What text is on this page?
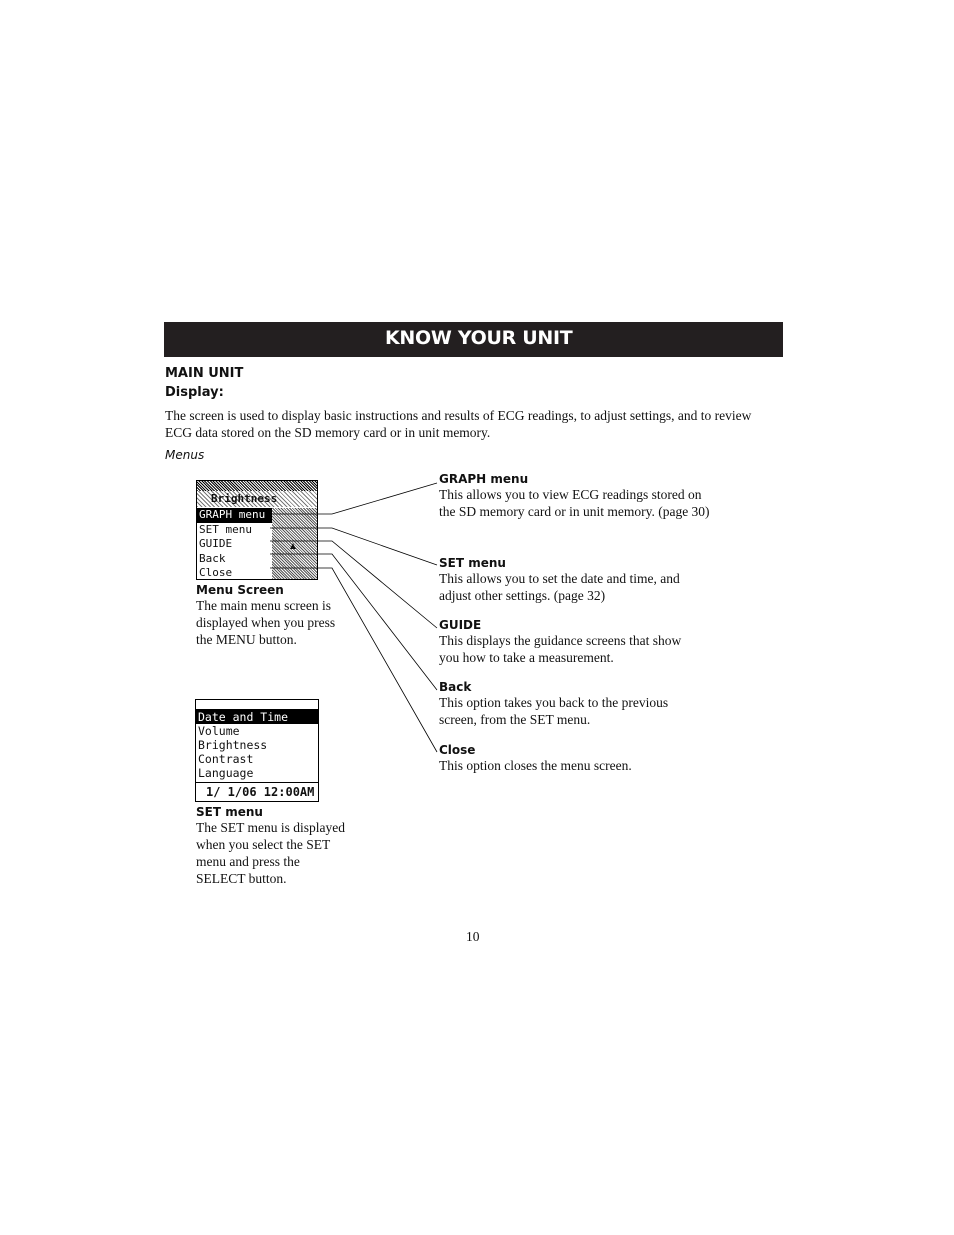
KNOW YOUR UNIT
MAIN UNIT
Display:

The screen is used to display basic instructions and results of ECG readings, to adjust settings, and to review ECG data stored on the SD memory card or in unit memory.

Menus

Brightness
GRAPH menu
SET menu
GUIDE
Back
Close
▲
Menu Screen
The main menu screen is
displayed when you press
the MENU button.
Date and Time
Volume
Brightness
Contrast
Language
1/ 1/06 12:00AM
SET menu
The SET menu is displayed
when you select the SET
menu and press the
SELECT button.
GRAPH menu
This allows you to view ECG readings stored on
the SD memory card or in unit memory. (page 30)
SET menu
This allows you to set the date and time, and
adjust other settings. (page 32)
GUIDE
This displays the guidance screens that show
you how to take a measurement.
Back
This option takes you back to the previous
screen, from the SET menu.
Close
This option closes the menu screen.

10
